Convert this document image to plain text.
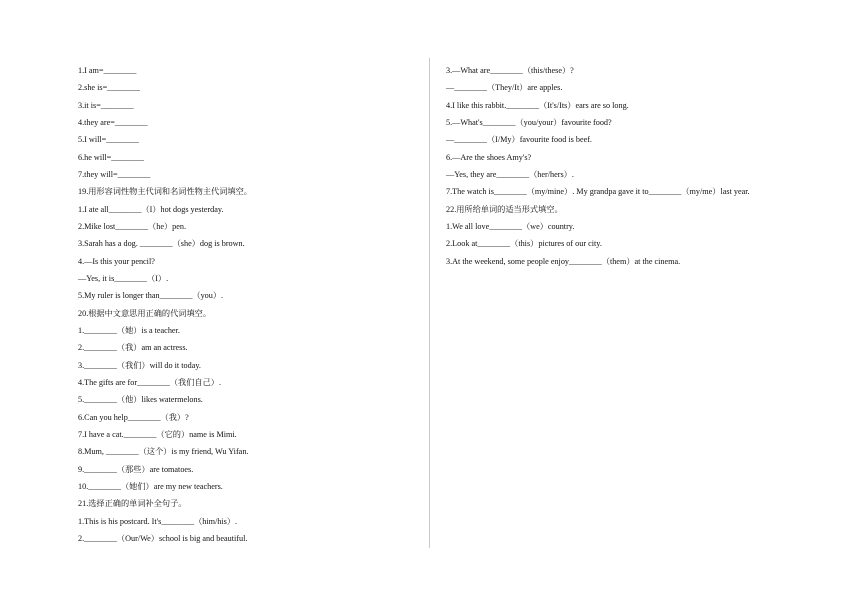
1.I am=________
2.she is=________
3.it is=________
4.they are=________
5.I will=________
6.he will=________
7.they will=________
19.用形容词性物主代词和名词性物主代词填空。
1.I ate all________（I）hot dogs yesterday.
2.Mike lost________（he）pen.
3.Sarah has a dog. ________（she）dog is brown.
4.—Is this your pencil?
—Yes, it is________（I）.
5.My ruler is longer than________（you）.
20.根据中文意思用正确的代词填空。
1.________（她）is a teacher.
2.________（我）am an actress.
3.________（我们）will do it today.
4.The gifts are for________（我们自己）.
5.________（他）likes watermelons.
6.Can you help________（我）?
7.I have a cat.________（它的）name is Mimi.
8.Mum, ________（这个）is my friend, Wu Yifan.
9.________（那些）are tomatoes.
10.________（她们）are my new teachers.
21.选择正确的单词补全句子。
1.This is his postcard. It's________（him/his）.
2.________（Our/We）school is big and beautiful.
3.—What are________（this/these）?
—________（They/It）are apples.
4.I like this rabbit.________（It's/Its）ears are so long.
5.—What's________（you/your）favourite food?
—________（I/My）favourite food is beef.
6.—Are the shoes Amy's?
—Yes, they are________（her/hers）.
7.The watch is________（my/mine）. My grandpa gave it to________（my/me）last year.
22.用所给单词的适当形式填空。
1.We all love________（we）country.
2.Look at________（this）pictures of our city.
3.At the weekend, some people enjoy________（them）at the cinema.
